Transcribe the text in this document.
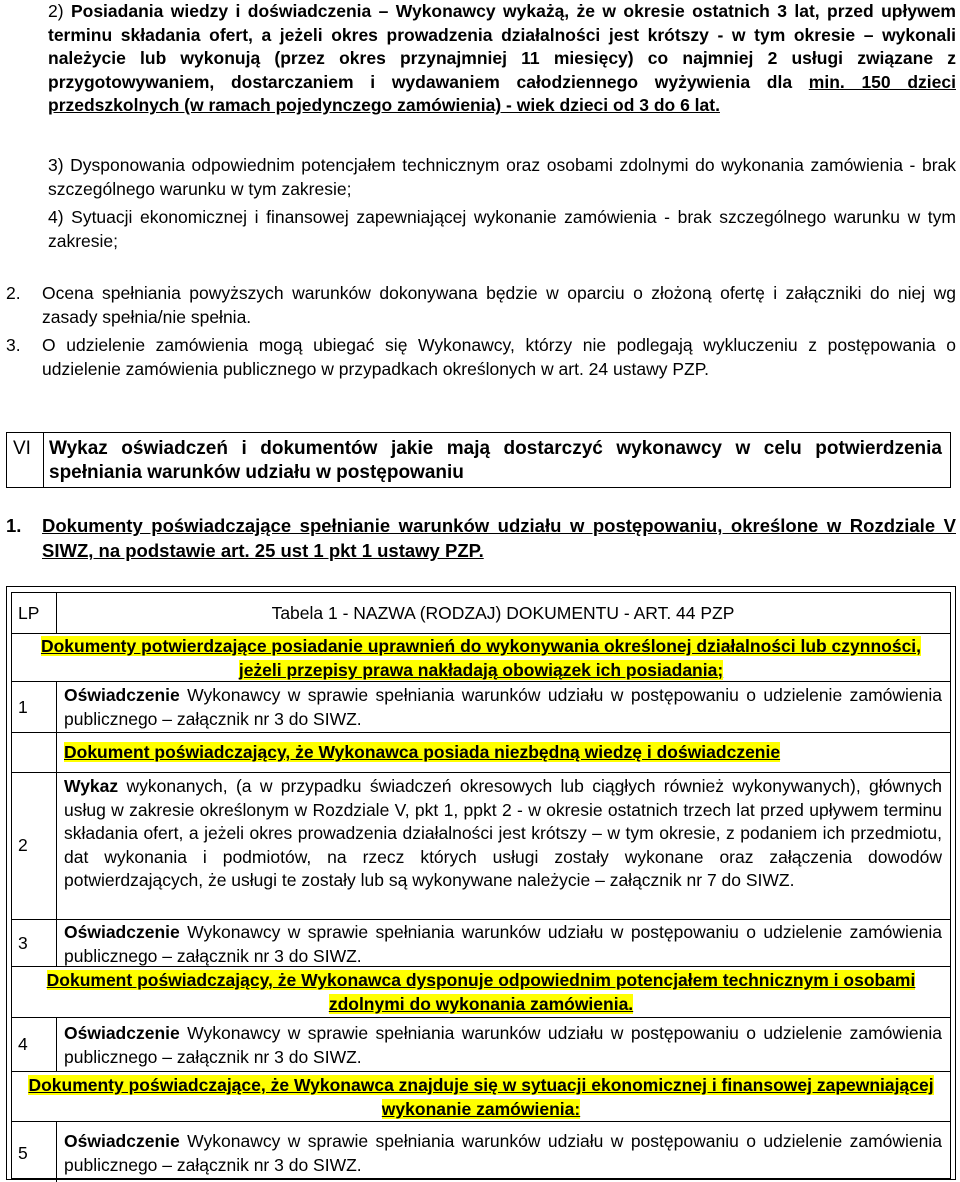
2) Posiadania wiedzy i doświadczenia – Wykonawcy wykażą, że w okresie ostatnich 3 lat, przed upływem terminu składania ofert, a jeżeli okres prowadzenia działalności jest krótszy - w tym okresie – wykonali należycie lub wykonują (przez okres przynajmniej 11 miesięcy) co najmniej 2 usługi związane z przygotowywaniem, dostarczaniem i wydawaniem całodziennego wyżywienia dla min. 150 dzieci przedszkolnych (w ramach pojedynczego zamówienia) - wiek dzieci od 3 do 6 lat.
3) Dysponowania odpowiednim potencjałem technicznym oraz osobami zdolnymi do wykonania zamówienia - brak szczególnego warunku w tym zakresie;
4) Sytuacji ekonomicznej i finansowej zapewniającej wykonanie zamówienia - brak szczególnego warunku w tym zakresie;
2. Ocena spełniania powyższych warunków dokonywana będzie w oparciu o złożoną ofertę i załączniki do niej wg zasady spełnia/nie spełnia.
3. O udzielenie zamówienia mogą ubiegać się Wykonawcy, którzy nie podlegają wykluczeniu z postępowania o udzielenie zamówienia publicznego w przypadkach określonych w art. 24 ustawy PZP.
VI Wykaz oświadczeń i dokumentów jakie mają dostarczyć wykonawcy w celu potwierdzenia spełniania warunków udziału w postępowaniu
1. Dokumenty poświadczające spełnianie warunków udziału w postępowaniu, określone w Rozdziale V SIWZ, na podstawie art. 25 ust 1 pkt 1 ustawy PZP.
LP	Tabela 1 - NAZWA (RODZAJ) DOKUMENTU - ART. 44 PZP
Dokumenty potwierdzające posiadanie uprawnień do wykonywania określonej działalności lub czynności, jeżeli przepisy prawa nakładają obowiązek ich posiadania;
1
Oświadczenie Wykonawcy w sprawie spełniania warunków udziału w postępowaniu o udzielenie zamówienia publicznego – załącznik nr 3 do SIWZ.
Dokument poświadczający, że Wykonawca posiada niezbędną wiedzę i doświadczenie
2
Wykaz wykonanych, (a w przypadku świadczeń okresowych lub ciągłych również wykonywanych), głównych usług w zakresie określonym w Rozdziale V, pkt 1, ppkt 2 - w okresie ostatnich trzech lat przed upływem terminu składania ofert, a jeżeli okres prowadzenia działalności jest krótszy – w tym okresie, z podaniem ich przedmiotu, dat wykonania i podmiotów, na rzecz których usługi zostały wykonane oraz załączenia dowodów potwierdzających, że usługi te zostały lub są wykonywane należycie – załącznik nr 7 do SIWZ.
3
Oświadczenie Wykonawcy w sprawie spełniania warunków udziału w postępowaniu o udzielenie zamówienia publicznego – załącznik nr 3 do SIWZ.
Dokument poświadczający, że Wykonawca dysponuje odpowiednim potencjałem technicznym i osobami zdolnymi do wykonania zamówienia.
4
Oświadczenie Wykonawcy w sprawie spełniania warunków udziału w postępowaniu o udzielenie zamówienia publicznego – załącznik nr 3 do SIWZ.
Dokumenty poświadczające, że Wykonawca znajduje się w sytuacji ekonomicznej i finansowej zapewniającej wykonanie zamówienia:
5
Oświadczenie Wykonawcy w sprawie spełniania warunków udziału w postępowaniu o udzielenie zamówienia publicznego – załącznik nr 3 do SIWZ.
